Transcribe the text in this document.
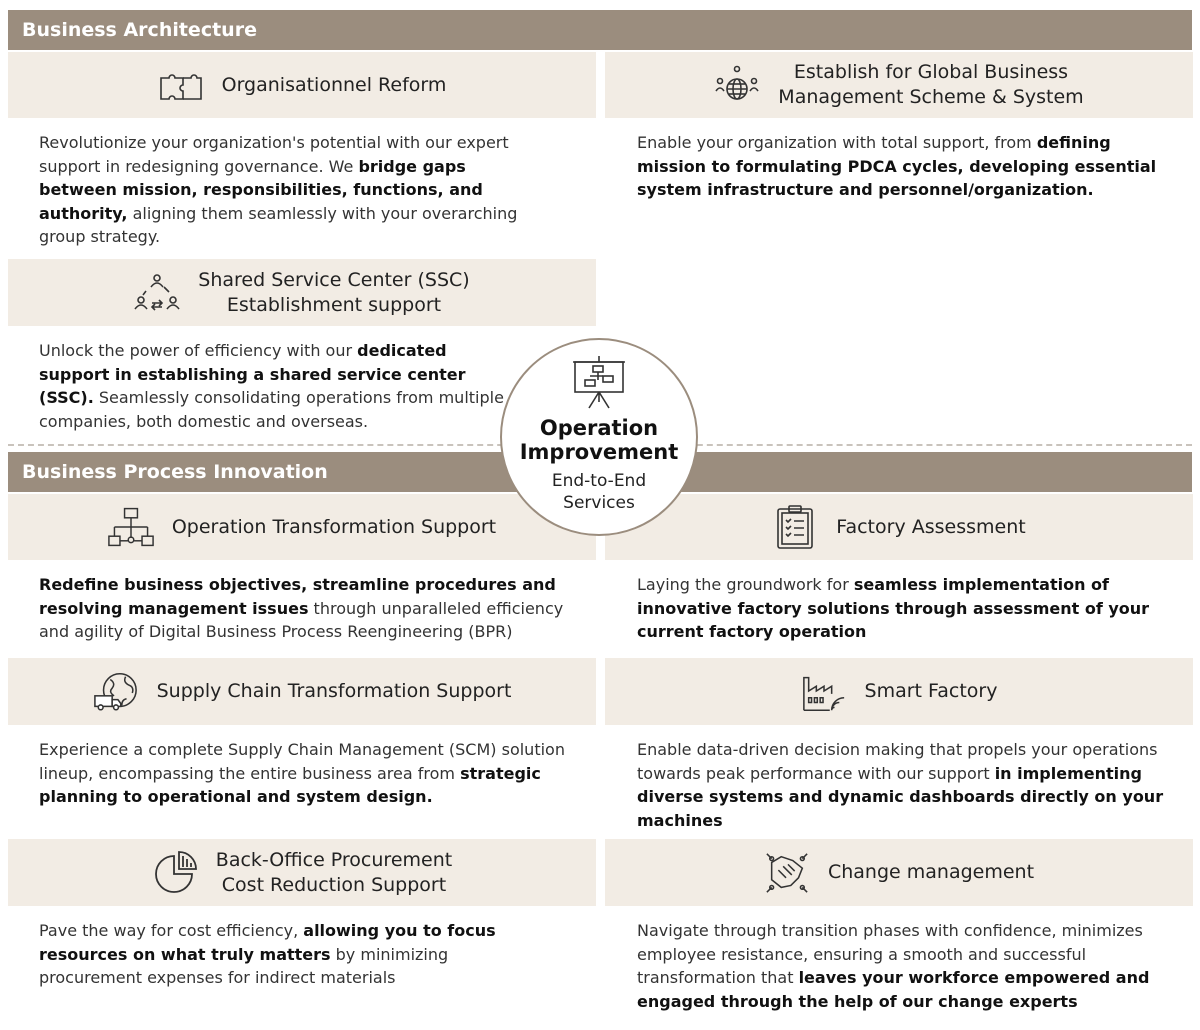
Business Architecture
Business Process Innovation
Organisationnel Reform

Revolutionize your organization's potential with our expert support in redesigning governance. We bridge gaps between mission, responsibilities, functions, and authority, aligning them seamlessly with your overarching group strategy.

Establish for Global Business
Management Scheme & System

Enable your organization with total support, from defining mission to formulating PDCA cycles, developing essential system infrastructure and personnel/organization.

Shared Service Center (SSC)
Establishment support

Unlock the power of efficiency with our dedicated support in establishing a shared service center (SSC). Seamlessly consolidating operations from multiple companies, both domestic and overseas.

Operation Transformation Support

Redefine business objectives, streamline procedures and resolving management issues through unparalleled efficiency and agility of Digital Business Process Reengineering (BPR)

Factory Assessment

Laying the groundwork for seamless implementation of innovative factory solutions through assessment of your current factory operation

Supply Chain Transformation Support

Experience a complete Supply Chain Management (SCM) solution lineup, encompassing the entire business area from strategic planning to operational and system design.

Smart Factory

Enable data-driven decision making that propels your operations towards peak performance with our support in implementing diverse systems and dynamic dashboards directly on your machines

Back-Office Procurement
Cost Reduction Support

Pave the way for cost efficiency, allowing you to focus resources on what truly matters by minimizing procurement expenses for indirect materials

Change management

Navigate through transition phases with confidence, minimizes employee resistance, ensuring a smooth and successful transformation that leaves your workforce empowered and engaged through the help of our change experts

Operation
Improvement
End-to-End
Services
